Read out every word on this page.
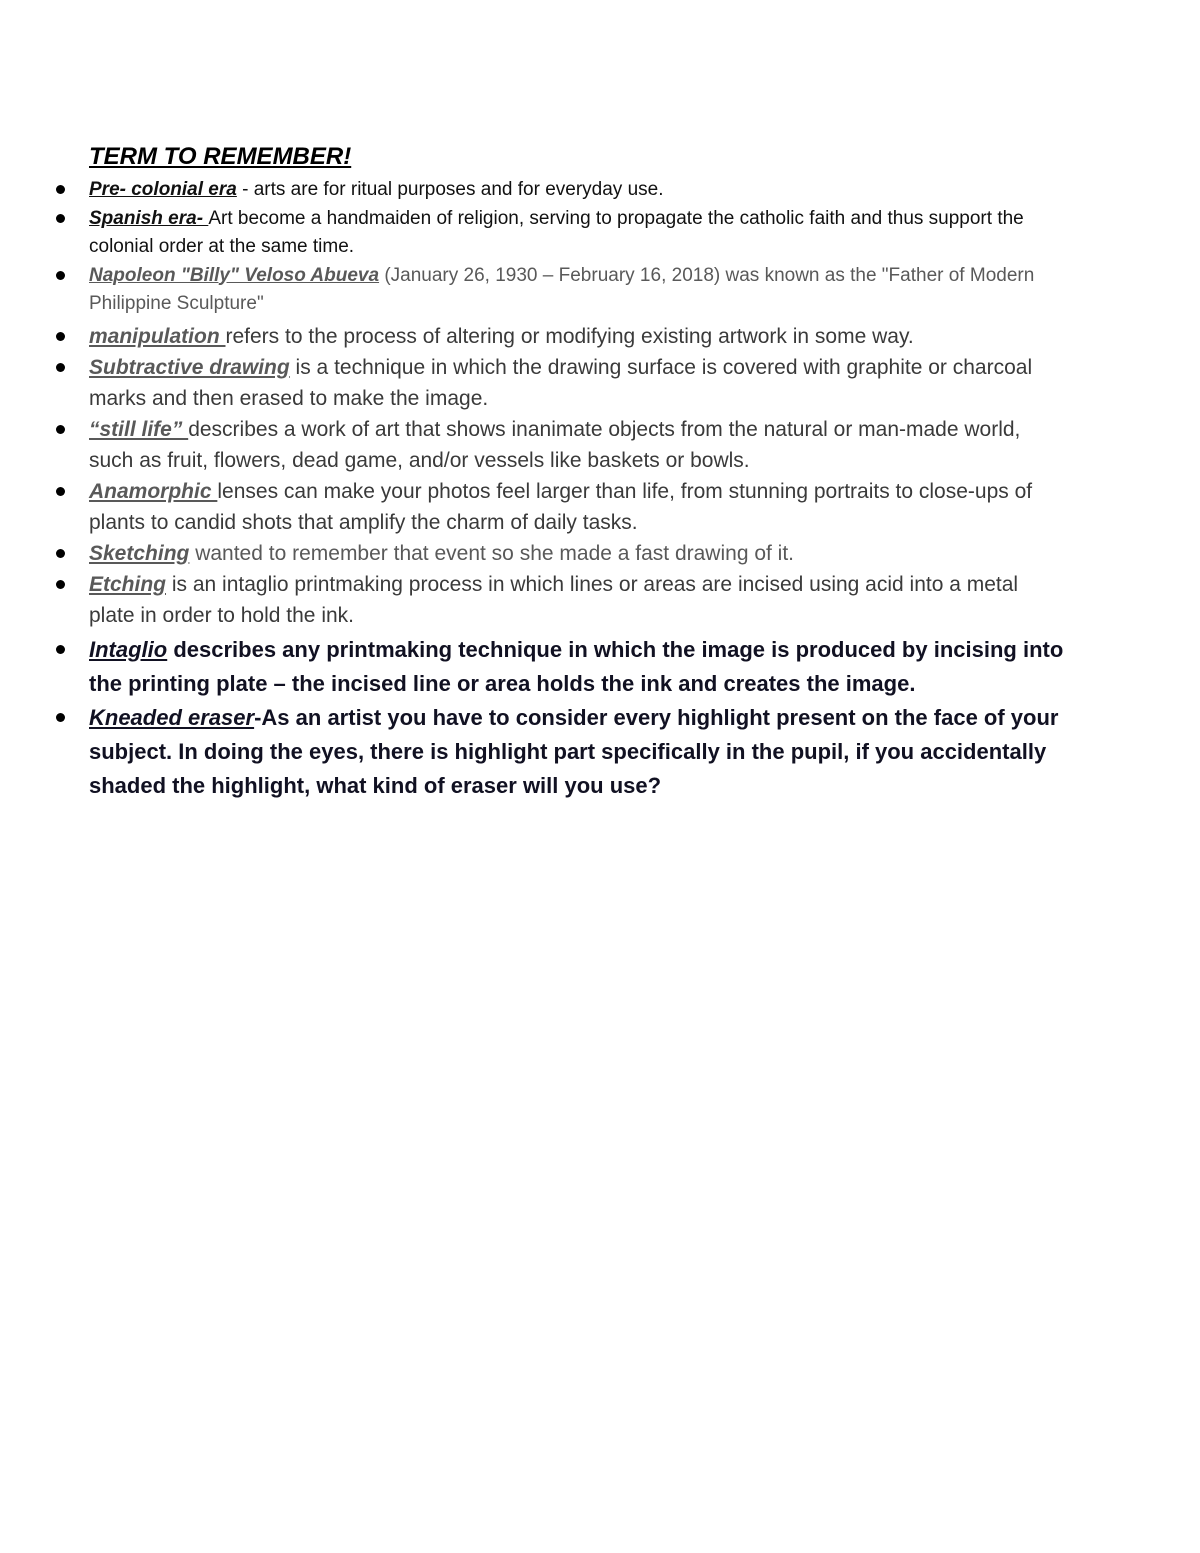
TERM TO REMEMBER!
Pre- colonial era - arts are for ritual purposes and for everyday use.
Spanish era- Art become a handmaiden of religion, serving to propagate the catholic faith and thus support the colonial order at the same time.
Napoleon "Billy" Veloso Abueva (January 26, 1930 – February 16, 2018) was known as the "Father of Modern Philippine Sculpture"
manipulation refers to the process of altering or modifying existing artwork in some way.
Subtractive drawing is a technique in which the drawing surface is covered with graphite or charcoal marks and then erased to make the image.
“still life” describes a work of art that shows inanimate objects from the natural or man-made world, such as fruit, flowers, dead game, and/or vessels like baskets or bowls.
Anamorphic lenses can make your photos feel larger than life, from stunning portraits to close-ups of plants to candid shots that amplify the charm of daily tasks.
Sketching wanted to remember that event so she made a fast drawing of it.
Etching is an intaglio printmaking process in which lines or areas are incised using acid into a metal plate in order to hold the ink.
Intaglio describes any printmaking technique in which the image is produced by incising into the printing plate – the incised line or area holds the ink and creates the image.
Kneaded eraser-As an artist you have to consider every highlight present on the face of your subject. In doing the eyes, there is highlight part specifically in the pupil, if you accidentally shaded the highlight, what kind of eraser will you use?
